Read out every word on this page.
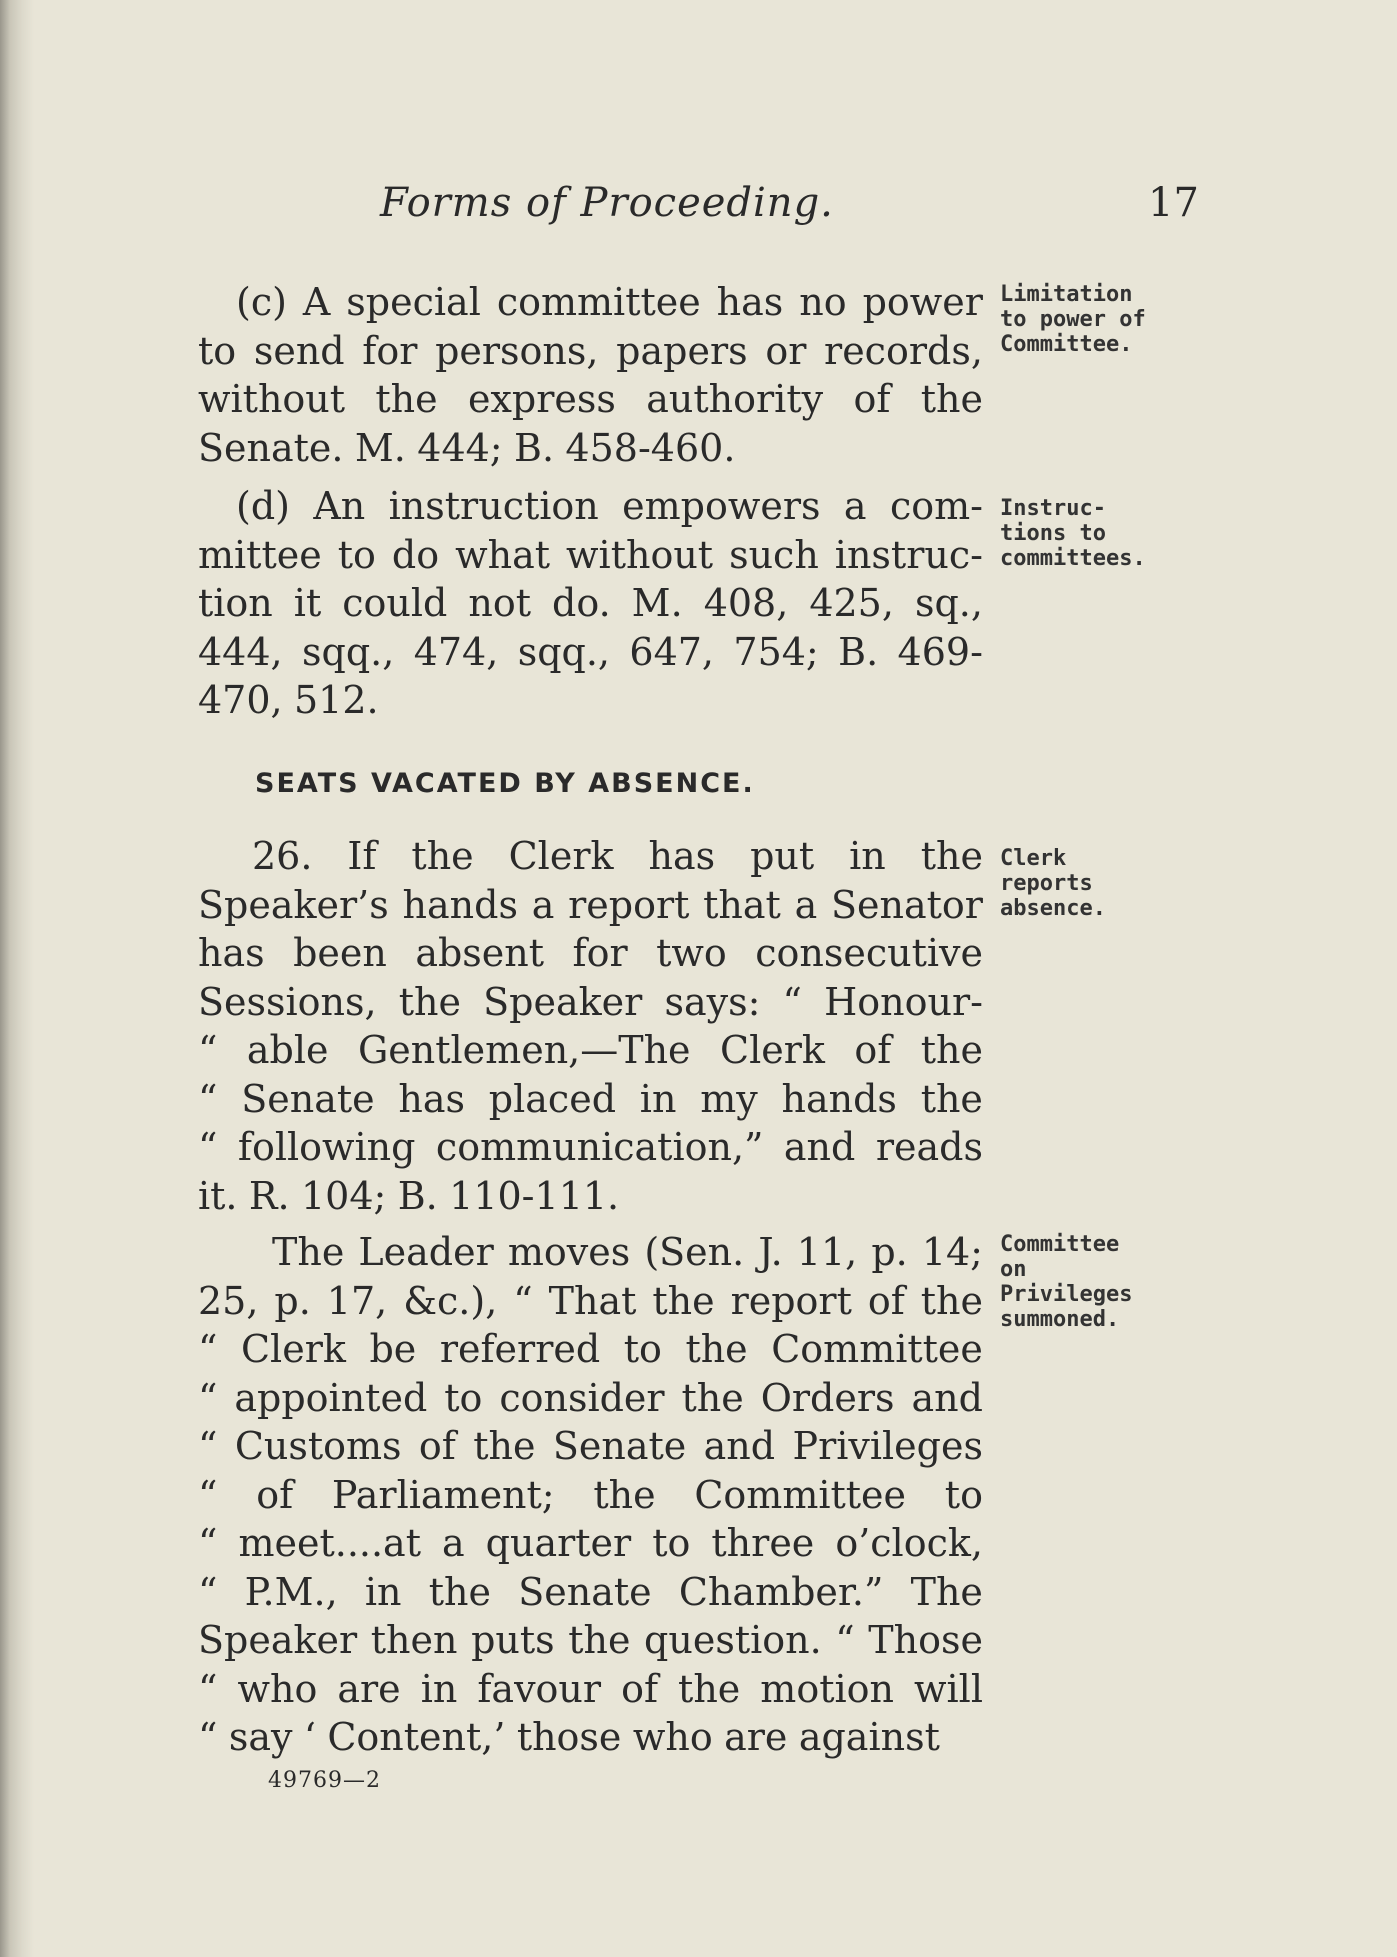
Forms of Proceeding.	17
(c) A special committee has no power
to send for persons, papers or records,
without the express authority of the
Senate. M. 444; B. 458-460.
Limitation
to power of
Committee.
(d) An instruction empowers a com-
mittee to do what without such instruc-
tion it could not do. M. 408, 425, sq.,
444, sqq., 474, sqq., 647, 754; B. 469-
470, 512.
Instruc-
tions to
committees.
SEATS VACATED BY ABSENCE.
26. If the Clerk has put in the
Speaker’s hands a report that a Senator
has been absent for two consecutive
Sessions, the Speaker says: “ Honour-
“ able Gentlemen,—The Clerk of the
“ Senate has placed in my hands the
“ following communication,” and reads
it. R. 104; B. 110-111.
Clerk
reports
absence.
The Leader moves (Sen. J. 11, p. 14;
25, p. 17, &c.), “ That the report of the
“ Clerk be referred to the Committee
“ appointed to consider the Orders and
“ Customs of the Senate and Privileges
“ of Parliament; the Committee to
“ meet....at a quarter to three o’clock,
“ P.M., in the Senate Chamber.” The
Speaker then puts the question. “ Those
“ who are in favour of the motion will
“ say ‘ Content,’ those who are against
Committee
on
Privileges
summoned.
49769—2
